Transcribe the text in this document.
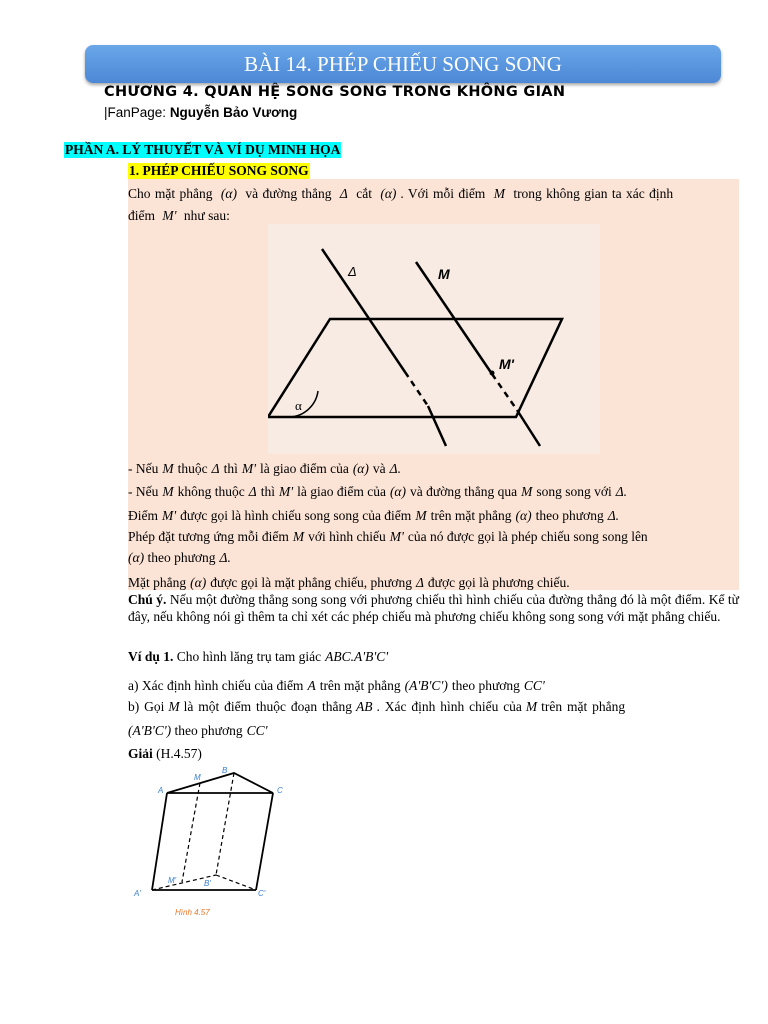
BÀI 14. PHÉP CHIẾU SONG SONG
CHƯƠNG 4. QUAN HỆ SONG SONG TRONG KHÔNG GIAN
|FanPage: Nguyễn Bảo Vương
PHẦN A. LÝ THUYẾT VÀ VÍ DỤ MINH HỌA
1. PHÉP CHIẾU SONG SONG
Cho mặt phẳng (α) và đường thẳng Δ cắt (α) . Với mỗi điểm M trong không gian ta xác định
điểm M' như sau:
Δ	M
M'
α
- Nếu M thuộc Δ thì M' là giao điểm của (α) và Δ.
- Nếu M không thuộc Δ thì M' là giao điểm của (α) và đường thẳng qua M song song với Δ.
Điểm M' được gọi là hình chiếu song song của điểm M trên mặt phẳng (α) theo phương Δ.
Phép đặt tương ứng mỗi điểm M với hình chiếu M' của nó được gọi là phép chiếu song song lên
(α) theo phương Δ.
Mặt phẳng (α) được gọi là mặt phẳng chiếu, phương Δ được gọi là phương chiếu.
Chú ý. Nếu một đường thẳng song song với phương chiếu thì hình chiếu của đường thẳng đó là một điểm. Kể từ đây, nếu không nói gì thêm ta chỉ xét các phép chiếu mà phương chiếu không song song với mặt phẳng chiếu.
Ví dụ 1. Cho hình lăng trụ tam giác ABC.A'B'C'
a) Xác định hình chiếu của điểm A trên mặt phẳng (A'B'C') theo phương CC'
b) Gọi M là một điểm thuộc đoạn thẳng AB . Xác định hình chiếu của M trên mặt phẳng
(A'B'C') theo phương CC'
Giải (H.4.57)
A
B
C
M
A'
B'
C'
M'
Hình 4.57
